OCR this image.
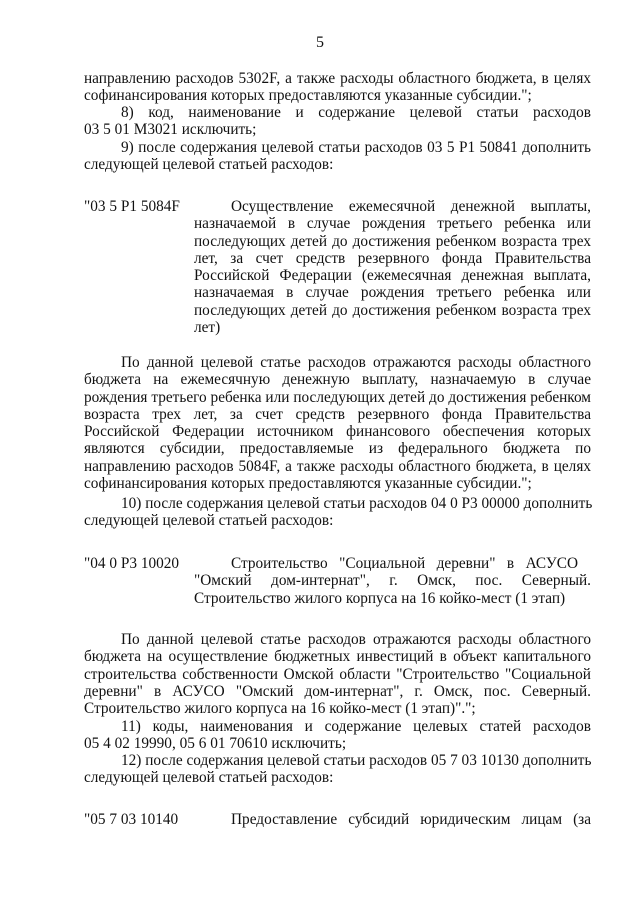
5
направлению расходов 5302F, а также расходы областного бюджета, в целях
софинансирования которых предоставляются указанные субсидии.";
8) код, наименование и содержание целевой статьи расходов
03 5 01 M3021 исключить;
9) после содержания целевой статьи расходов 03 5 P1 50841 дополнить
следующей целевой статьей расходов:
"03 5 P1 5084F	Осуществление ежемесячной денежной выплаты,
назначаемой в случае рождения третьего ребенка или
последующих детей до достижения ребенком возраста трех
лет, за счет средств резервного фонда Правительства
Российской Федерации (ежемесячная денежная выплата,
назначаемая в случае рождения третьего ребенка или
последующих детей до достижения ребенком возраста трех
лет)
По данной целевой статье расходов отражаются расходы областного
бюджета на ежемесячную денежную выплату, назначаемую в случае
рождения третьего ребенка или последующих детей до достижения ребенком
возраста трех лет, за счет средств резервного фонда Правительства
Российской Федерации источником финансового обеспечения которых
являются субсидии, предоставляемые из федерального бюджета по
направлению расходов 5084F, а также расходы областного бюджета, в целях
софинансирования которых предоставляются указанные субсидии.";
10) после содержания целевой статьи расходов 04 0 P3 00000 дополнить
следующей целевой статьей расходов:
"04 0 P3 10020	Строительство "Социальной деревни" в АСУСО
"Омский дом-интернат", г. Омск, пос. Северный.
Строительство жилого корпуса на 16 койко-мест (1 этап)
По данной целевой статье расходов отражаются расходы областного
бюджета на осуществление бюджетных инвестиций в объект капитального
строительства собственности Омской области "Строительство "Социальной
деревни" в АСУСО "Омский дом-интернат", г. Омск, пос. Северный.
Строительство жилого корпуса на 16 койко-мест (1 этап)".";
11) коды, наименования и содержание целевых статей расходов
05 4 02 19990, 05 6 01 70610 исключить;
12) после содержания целевой статьи расходов 05 7 03 10130 дополнить
следующей целевой статьей расходов:
"05 7 03 10140	Предоставление субсидий юридическим лицам (за
